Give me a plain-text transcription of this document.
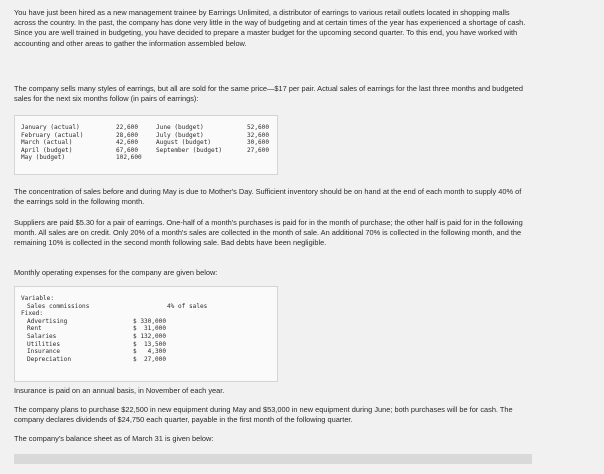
You have just been hired as a new management trainee by Earrings Unlimited, a distributor of earrings to various retail outlets located in shopping malls across the country. In the past, the company has done very little in the way of budgeting and at certain times of the year has experienced a shortage of cash. Since you are well trained in budgeting, you have decided to prepare a master budget for the upcoming second quarter. To this end, you have worked with accounting and other areas to gather the information assembled below.

The company sells many styles of earrings, but all are sold for the same price—$17 per pair. Actual sales of earrings for the last three months and budgeted sales for the next six months follow (in pairs of earrings):

January (actual)	22,600
February (actual)	28,600
March (actual)	42,600
April (budget)	67,600
May (budget)	102,600
June (budget)	52,600
July (budget)	32,600
August (budget)	30,600
September (budget)	27,600

The concentration of sales before and during May is due to Mother's Day. Sufficient inventory should be on hand at the end of each month to supply 40% of the earrings sold in the following month.

Suppliers are paid $5.30 for a pair of earrings. One-half of a month's purchases is paid for in the month of purchase; the other half is paid for in the following month. All sales are on credit. Only 20% of a month's sales are collected in the month of sale. An additional 70% is collected in the following month, and the remaining 10% is collected in the second month following sale. Bad debts have been negligible.

Monthly operating expenses for the company are given below:

Variable:
Sales commissions	4% of sales
Fixed:
Advertising	$ 330,000
Rent	$  31,000
Salaries	$ 132,000
Utilities	$  13,500
Insurance	$   4,300
Depreciation	$  27,000

Insurance is paid on an annual basis, in November of each year.

The company plans to purchase $22,500 in new equipment during May and $53,000 in new equipment during June; both purchases will be for cash. The company declares dividends of $24,750 each quarter, payable in the first month of the following quarter.

The company's balance sheet as of March 31 is given below:
